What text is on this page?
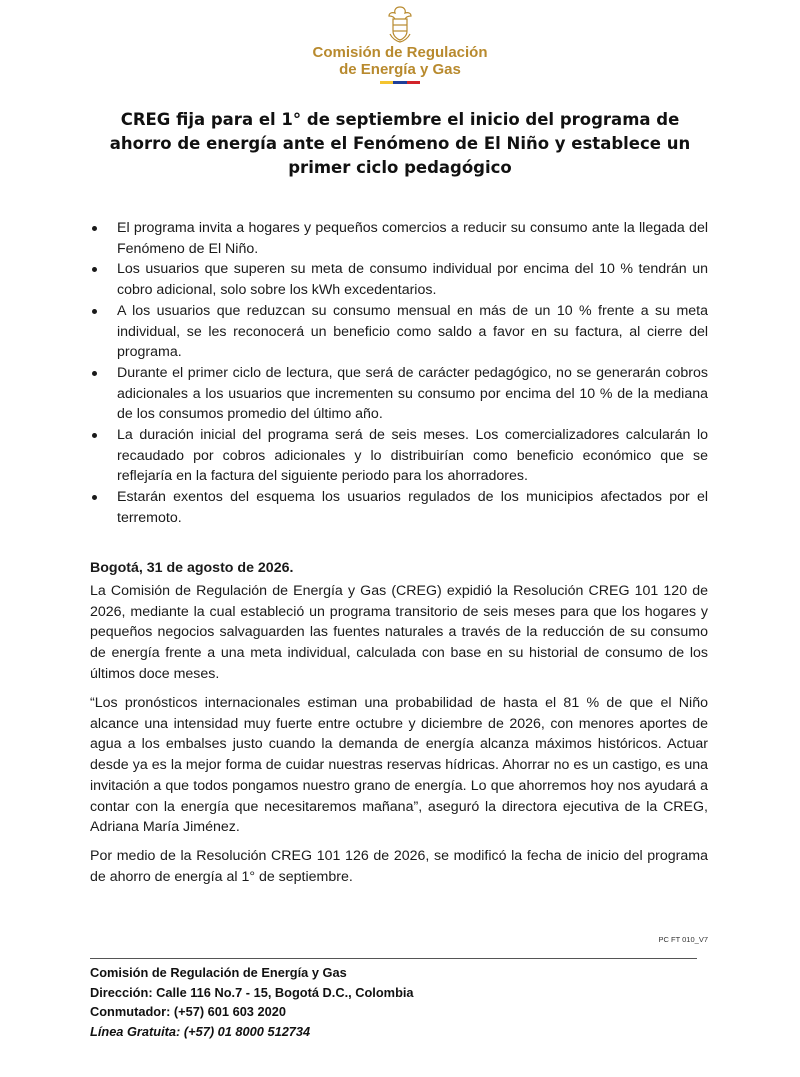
Comisión de Regulación
de Energía y Gas
CREG fija para el 1° de septiembre el inicio del programa de ahorro de energía ante el Fenómeno de El Niño y establece un primer ciclo pedagógico
El programa invita a hogares y pequeños comercios a reducir su consumo ante la llegada del Fenómeno de El Niño.
Los usuarios que superen su meta de consumo individual por encima del 10 % tendrán un cobro adicional, solo sobre los kWh excedentarios.
A los usuarios que reduzcan su consumo mensual en más de un 10 % frente a su meta individual, se les reconocerá un beneficio como saldo a favor en su factura, al cierre del programa.
Durante el primer ciclo de lectura, que será de carácter pedagógico, no se generarán cobros adicionales a los usuarios que incrementen su consumo por encima del 10 % de la mediana de los consumos promedio del último año.
La duración inicial del programa será de seis meses. Los comercializadores calcularán lo recaudado por cobros adicionales y lo distribuirían como beneficio económico que se reflejaría en la factura del siguiente periodo para los ahorradores.
Estarán exentos del esquema los usuarios regulados de los municipios afectados por el terremoto.

Bogotá, 31 de agosto de 2026.

La Comisión de Regulación de Energía y Gas (CREG) expidió la Resolución CREG 101 120 de 2026, mediante la cual estableció un programa transitorio de seis meses para que los hogares y pequeños negocios salvaguarden las fuentes naturales a través de la reducción de su consumo de energía frente a una meta individual, calculada con base en su historial de consumo de los últimos doce meses.

“Los pronósticos internacionales estiman una probabilidad de hasta el 81 % de que el Niño alcance una intensidad muy fuerte entre octubre y diciembre de 2026, con menores aportes de agua a los embalses justo cuando la demanda de energía alcanza máximos históricos. Actuar desde ya es la mejor forma de cuidar nuestras reservas hídricas. Ahorrar no es un castigo, es una invitación a que todos pongamos nuestro grano de energía. Lo que ahorremos hoy nos ayudará a contar con la energía que necesitaremos mañana”, aseguró la directora ejecutiva de la CREG, Adriana María Jiménez.

Por medio de la Resolución CREG 101 126 de 2026, se modificó la fecha de inicio del programa de ahorro de energía al 1° de septiembre.

PC FT 010_V7
Comisión de Regulación de Energía y Gas
Dirección: Calle 116 No.7 - 15, Bogotá D.C., Colombia
Conmutador: (+57) 601 603 2020
Línea Gratuita: (+57) 01 8000 512734
